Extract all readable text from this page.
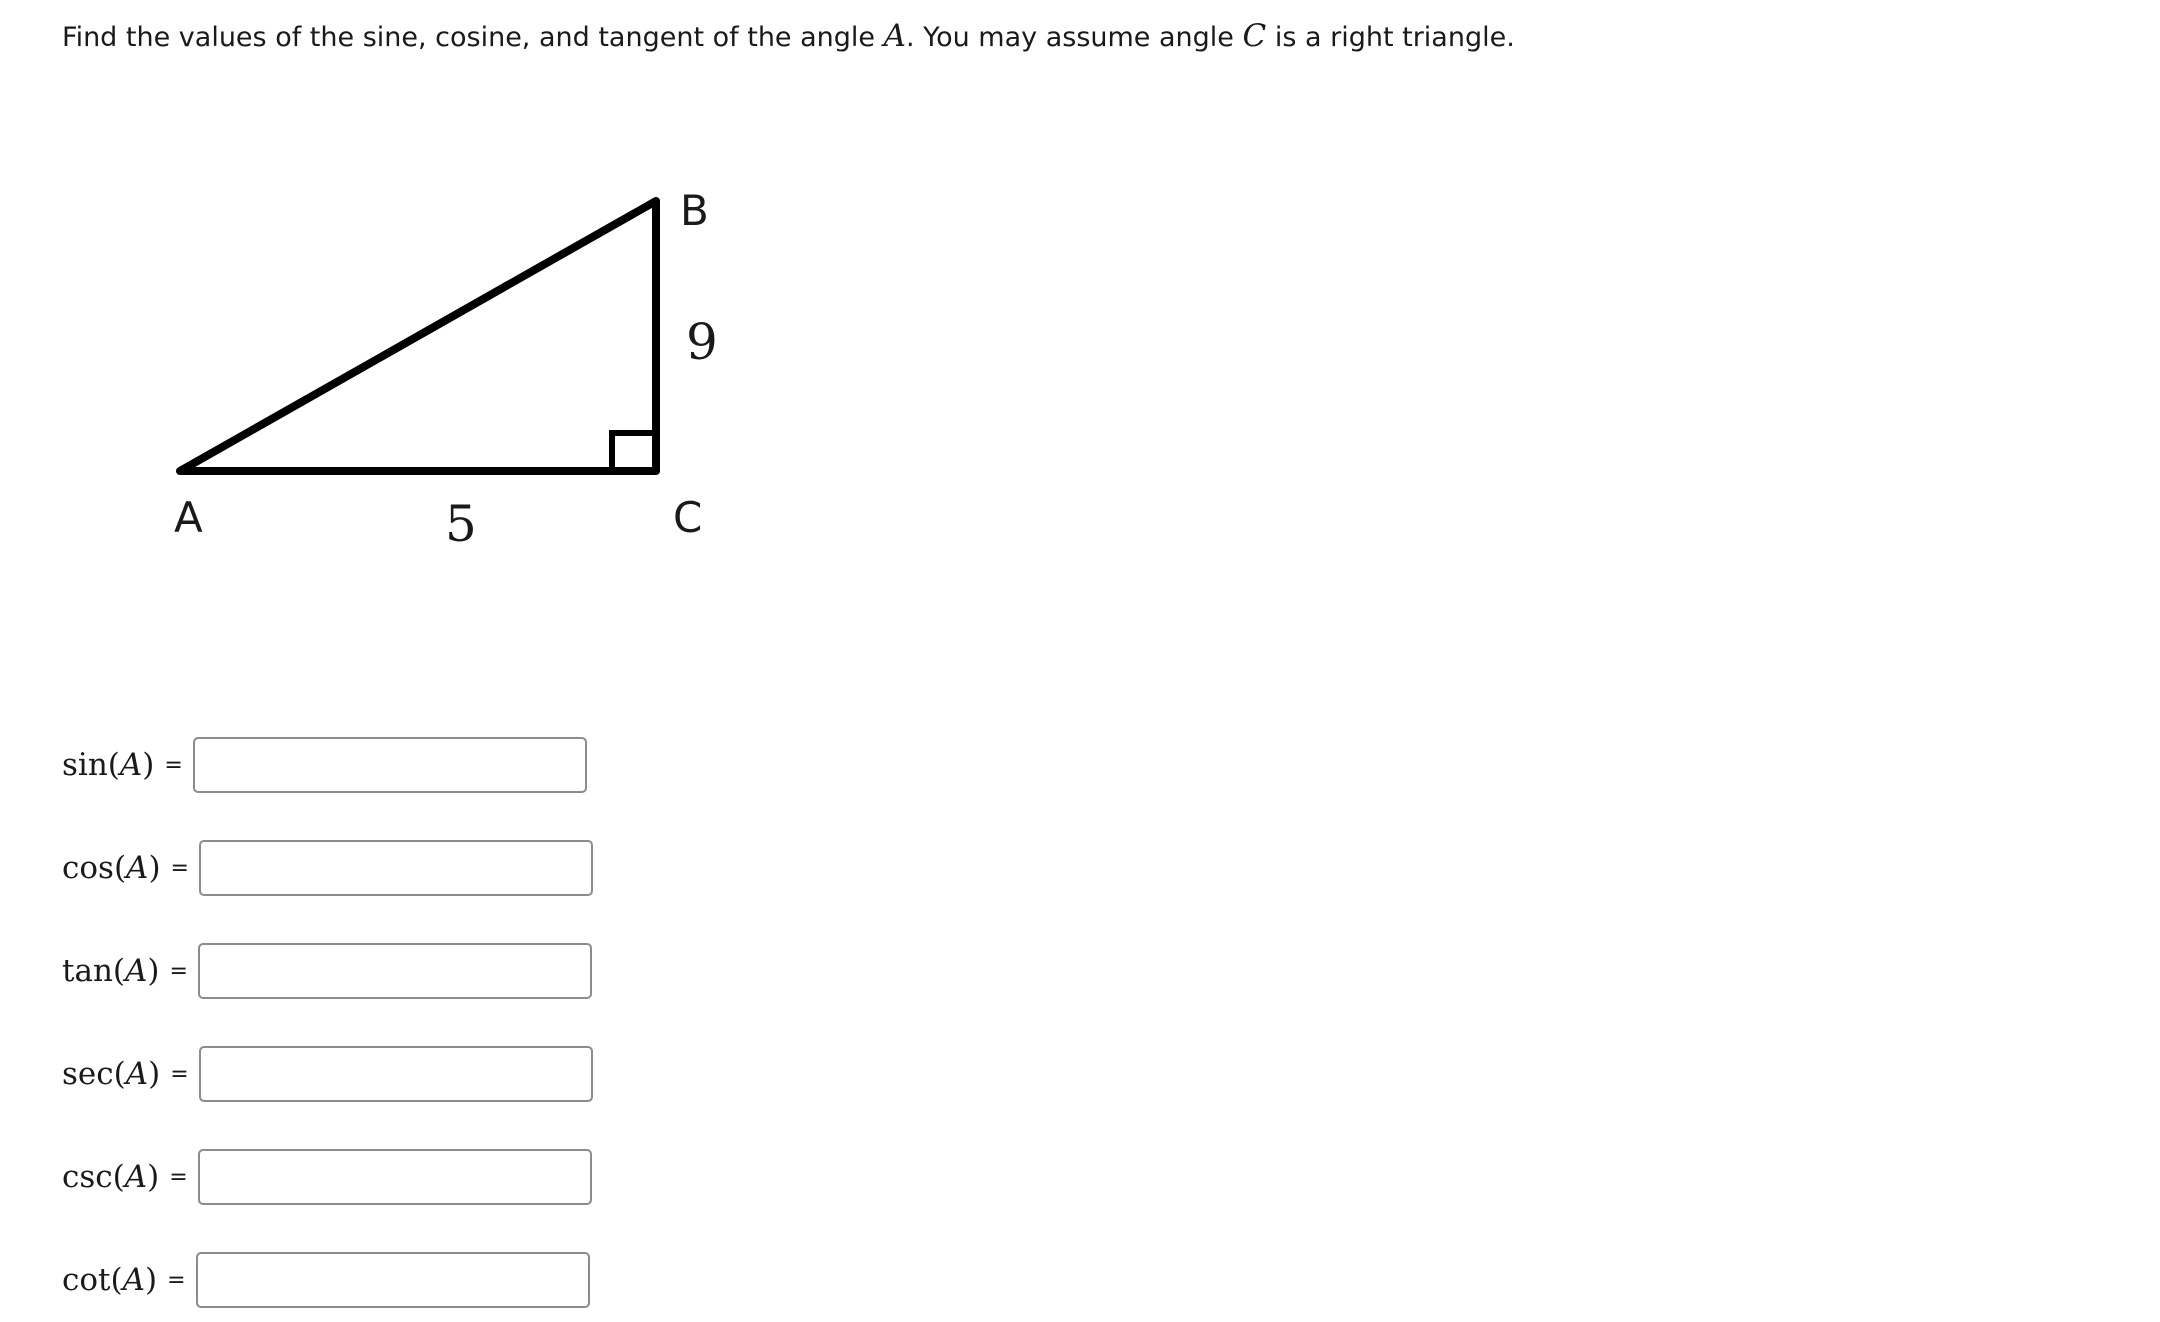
Find the values of the sine, cosine, and tangent of the angle A. You may assume angle C is a right triangle.
B
A	C
9
5
sin(A) =
cos(A) =
tan(A) =
sec(A) =
csc(A) =
cot(A) =
